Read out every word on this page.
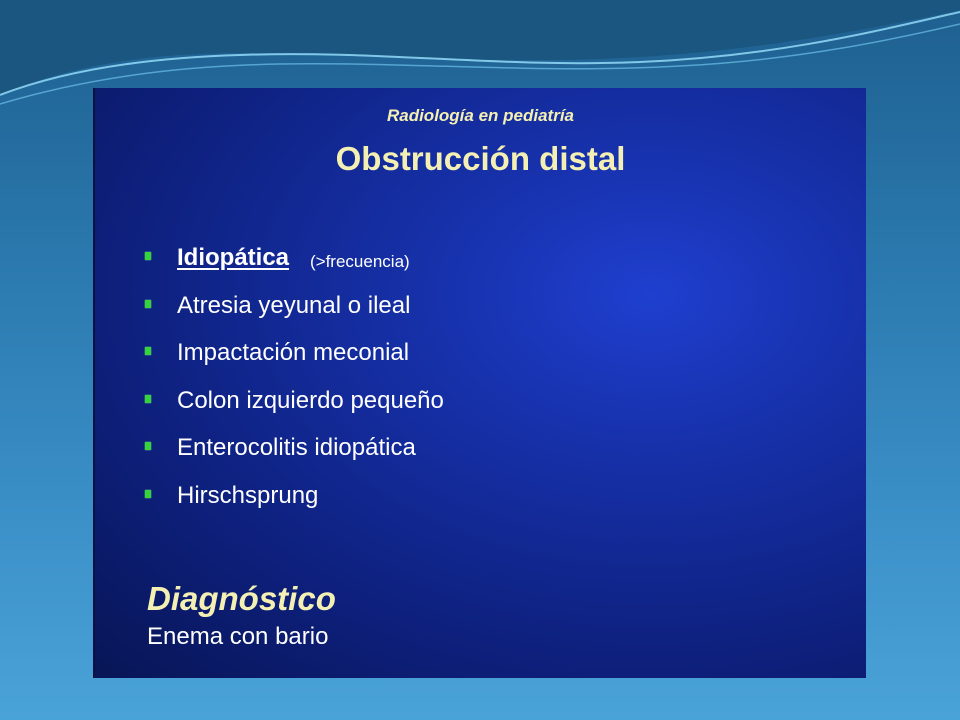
Radiología en pediatría
Obstrucción distal
Idiopática (>frecuencia)
Atresia yeyunal o ileal
Impactación meconial
Colon izquierdo pequeño
Enterocolitis idiopática
Hirschsprung
Diagnóstico
Enema con bario
